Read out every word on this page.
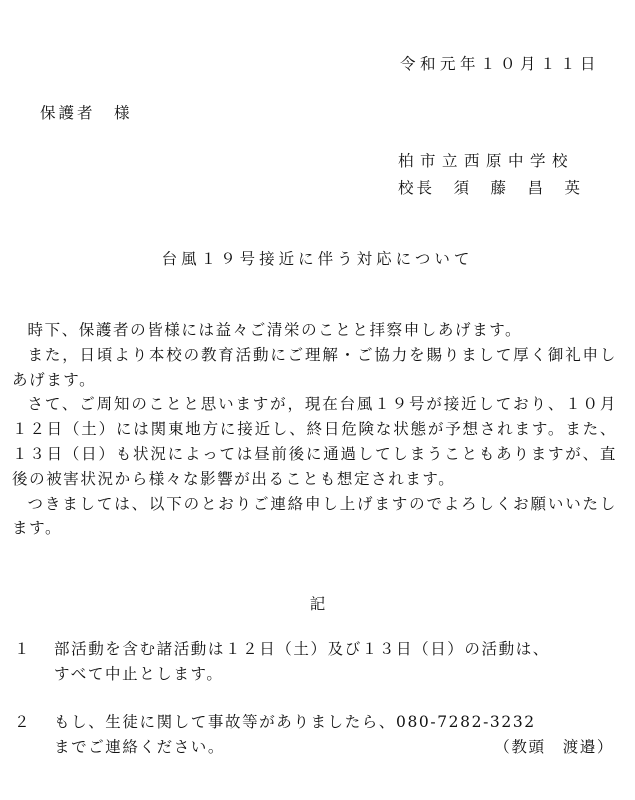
令和元年１０月１１日
保護者　様
柏市立西原中学校
校長　須　藤　昌　英
台風１９号接近に伴う対応について

時下、保護者の皆様には益々ご清栄のことと拝察申しあげます。

また，日頃より本校の教育活動にご理解・ご協力を賜りまして厚く御礼申しあげます。

さて、ご周知のことと思いますが，現在台風１９号が接近しており、１０月１２日（土）には関東地方に接近し、終日危険な状態が予想されます。また、１３日（日）も状況によっては昼前後に通過してしまうこともありますが、直後の被害状況から様々な影響が出ることも想定されます。

つきましては、以下のとおりご連絡申し上げますのでよろしくお願いいたします。

記
１ 部活動を含む諸活動は１２日（土）及び１３日（日）の活動は、
すべて中止とします。
２ もし、生徒に関して事故等がありましたら、080-7282-3232
までご連絡ください。	（教頭　渡邉）
